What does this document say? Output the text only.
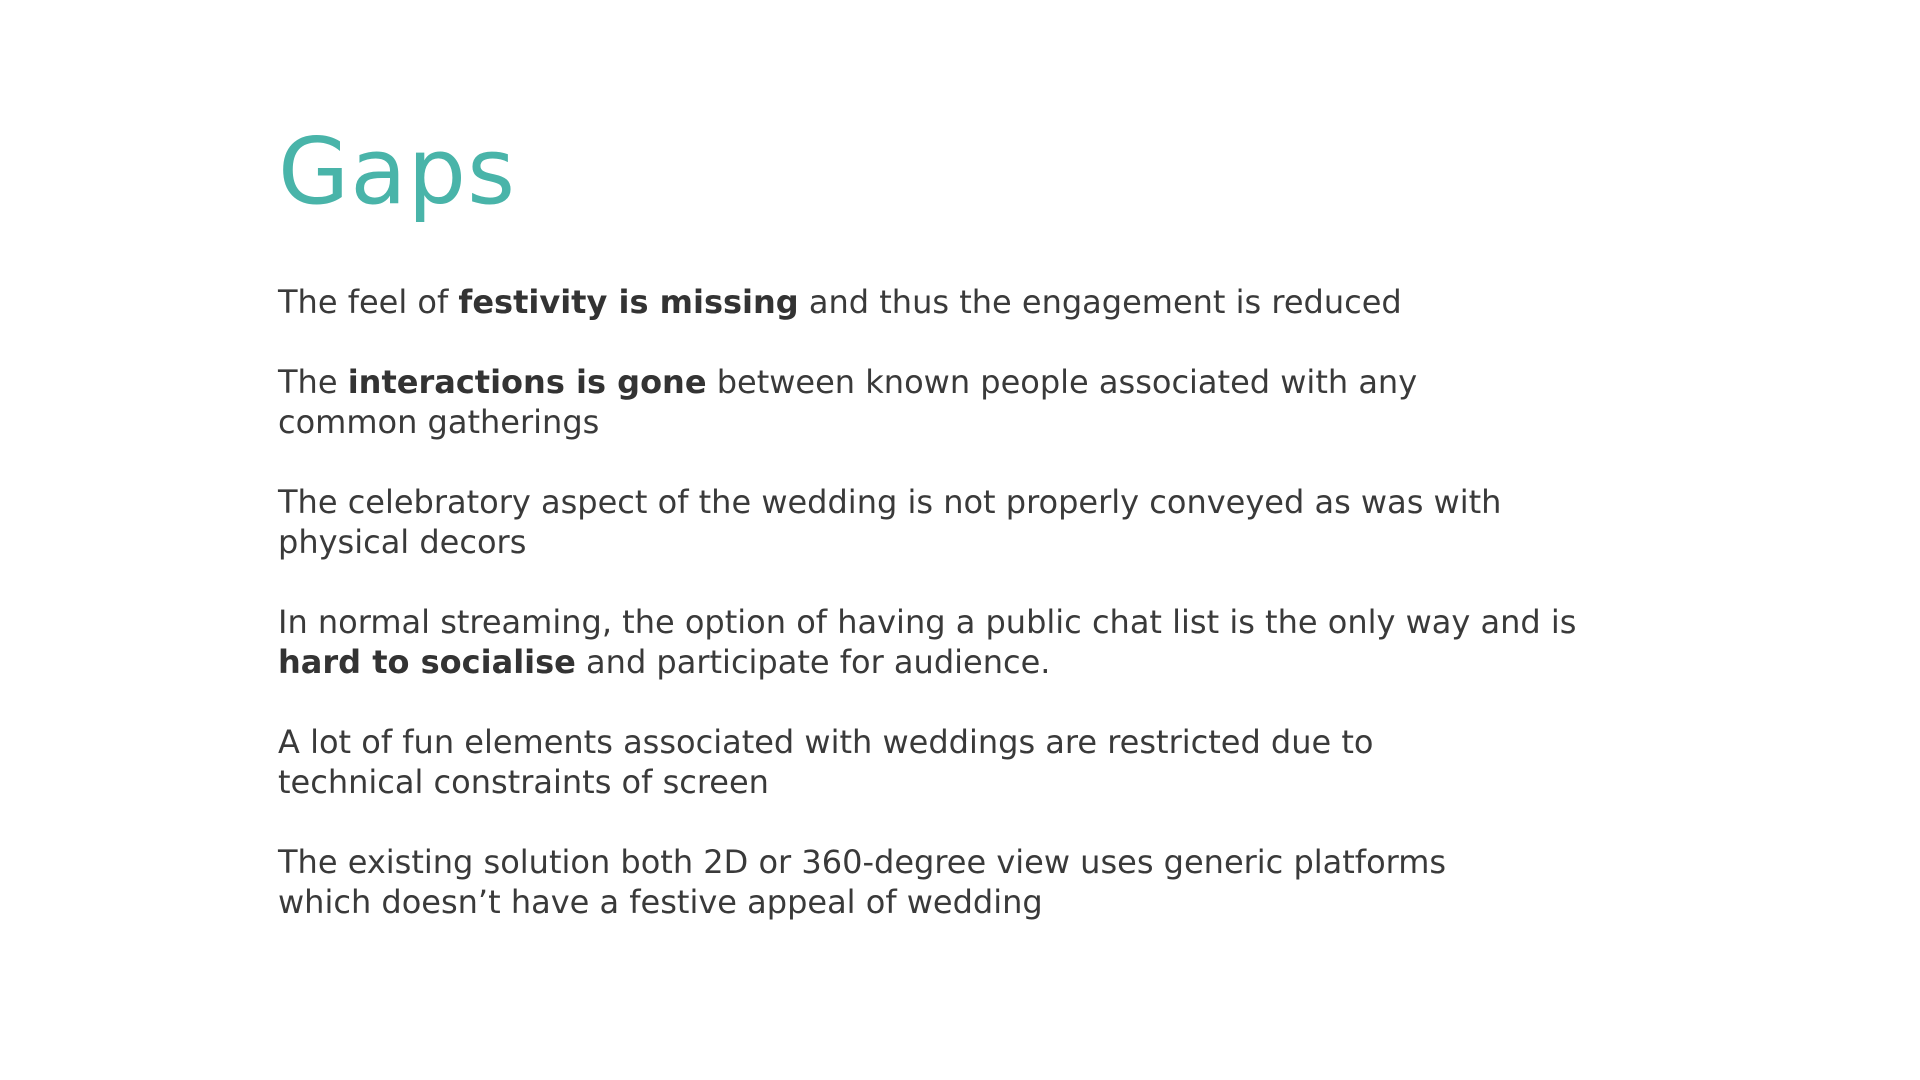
Gaps

The feel of festivity is missing and thus the engagement is reduced

The interactions is gone between known people associated with any
common gatherings

The celebratory aspect of the wedding is not properly conveyed as was with
physical decors

In normal streaming, the option of having a public chat list is the only way and is
hard to socialise and participate for audience.

A lot of fun elements associated with weddings are restricted due to
technical constraints of screen

The existing solution both 2D or 360-degree view uses generic platforms
which doesn’t have a festive appeal of wedding
